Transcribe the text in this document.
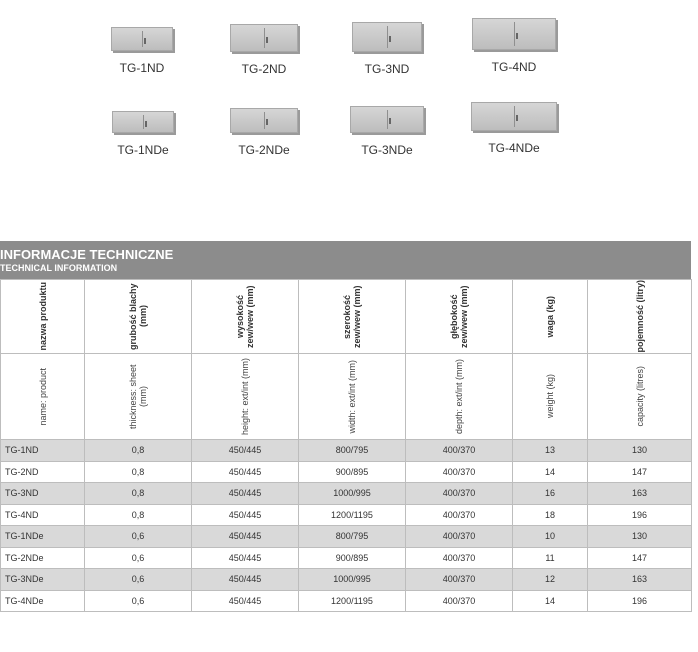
TG-1ND	TG-2ND	TG-3ND	TG-4ND
TG-1NDe	TG-2NDe	TG-3NDe	TG-4NDe
INFORMACJE TECHNICZNE
TECHNICAL INFORMATION
nazwa produktu	grubość blachy (mm)	wysokość zew/wew (mm)	szerokość zew/wew (mm)	głębokość zew/wew (mm)	waga (kg)	pojemność (litry)

name: product	thickness: sheet (mm)	height: ext/int (mm)	width: ext/int (mm)	depth: ext/int (mm)	weight (kg)	capacity (litres)

TG-1ND	0,8	450/445	800/795	400/370	13	130
TG-2ND	0,8	450/445	900/895	400/370	14	147
TG-3ND	0,8	450/445	1000/995	400/370	16	163
TG-4ND	0,8	450/445	1200/1195	400/370	18	196
TG-1NDe	0,6	450/445	800/795	400/370	10	130
TG-2NDe	0,6	450/445	900/895	400/370	11	147
TG-3NDe	0,6	450/445	1000/995	400/370	12	163
TG-4NDe	0,6	450/445	1200/1195	400/370	14	196
